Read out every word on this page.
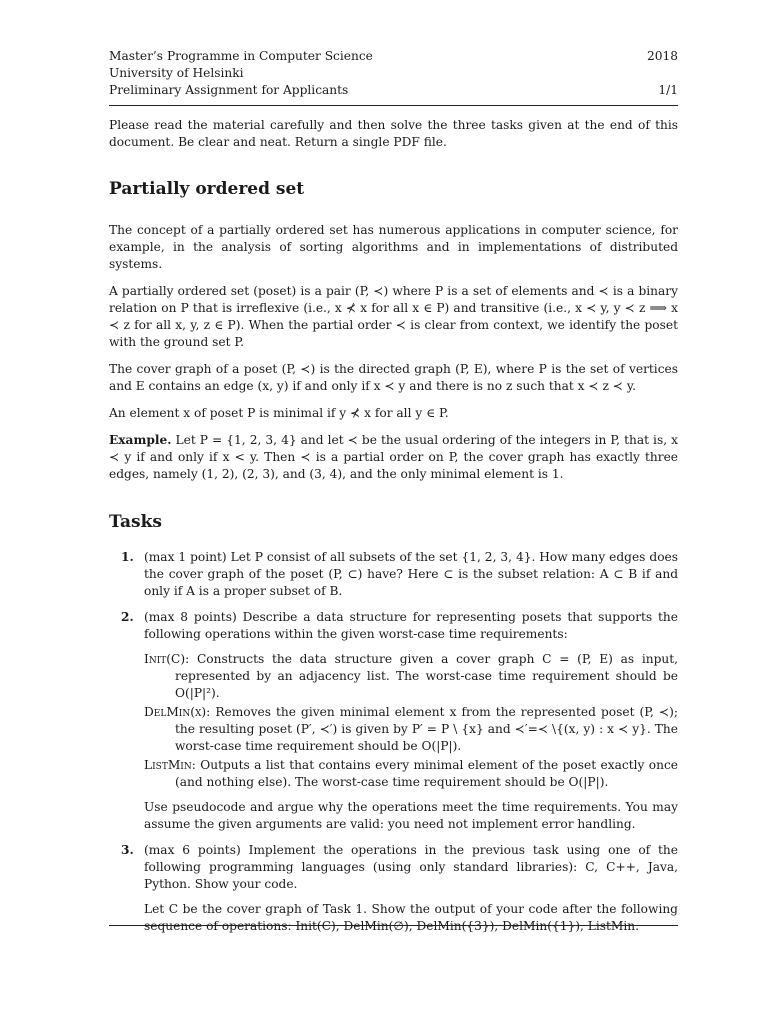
Master’s Programme in Computer Science	2018
University of Helsinki
Preliminary Assignment for Applicants	1/1

Please read the material carefully and then solve the three tasks given at the end of this document. Be clear and neat. Return a single PDF file.

Partially ordered set

The concept of a partially ordered set has numerous applications in computer science, for example, in the analysis of sorting algorithms and in implementations of distributed systems.

A partially ordered set (poset) is a pair (P, ≺) where P is a set of elements and ≺ is a binary relation on P that is irreflexive (i.e., x ⊀ x for all x ∈ P) and transitive (i.e., x ≺ y, y ≺ z ⟹ x ≺ z for all x, y, z ∈ P). When the partial order ≺ is clear from context, we identify the poset with the ground set P.

The cover graph of a poset (P, ≺) is the directed graph (P, E), where P is the set of vertices and E contains an edge (x, y) if and only if x ≺ y and there is no z such that x ≺ z ≺ y.

An element x of poset P is minimal if y ⊀ x for all y ∈ P.

Example. Let P = {1, 2, 3, 4} and let ≺ be the usual ordering of the integers in P, that is, x ≺ y if and only if x < y. Then ≺ is a partial order on P, the cover graph has exactly three edges, namely (1, 2), (2, 3), and (3, 4), and the only minimal element is 1.

Tasks
1. (max 1 point) Let P consist of all subsets of the set {1, 2, 3, 4}. How many edges does the cover graph of the poset (P, ⊂) have? Here ⊂ is the subset relation: A ⊂ B if and only if A is a proper subset of B.

2. (max 8 points) Describe a data structure for representing posets that supports the following operations within the given worst-case time requirements:

Init(C): Constructs the data structure given a cover graph C = (P, E) as input, represented by an adjacency list. The worst-case time requirement should be O(|P|²).
DelMin(x): Removes the given minimal element x from the represented poset (P, ≺); the resulting poset (P′, ≺′) is given by P′ = P \ {x} and ≺′=≺ \{(x, y) : x ≺ y}. The worst-case time requirement should be O(|P|).
ListMin: Outputs a list that contains every minimal element of the poset exactly once (and nothing else). The worst-case time requirement should be O(|P|).

Use pseudocode and argue why the operations meet the time requirements. You may assume the given arguments are valid: you need not implement error handling.

3. (max 6 points) Implement the operations in the previous task using one of the following programming languages (using only standard libraries): C, C++, Java, Python. Show your code.

Let C be the cover graph of Task 1. Show the output of your code after the following sequence of operations: Init(C), DelMin(∅), DelMin({3}), DelMin({1}), ListMin.
